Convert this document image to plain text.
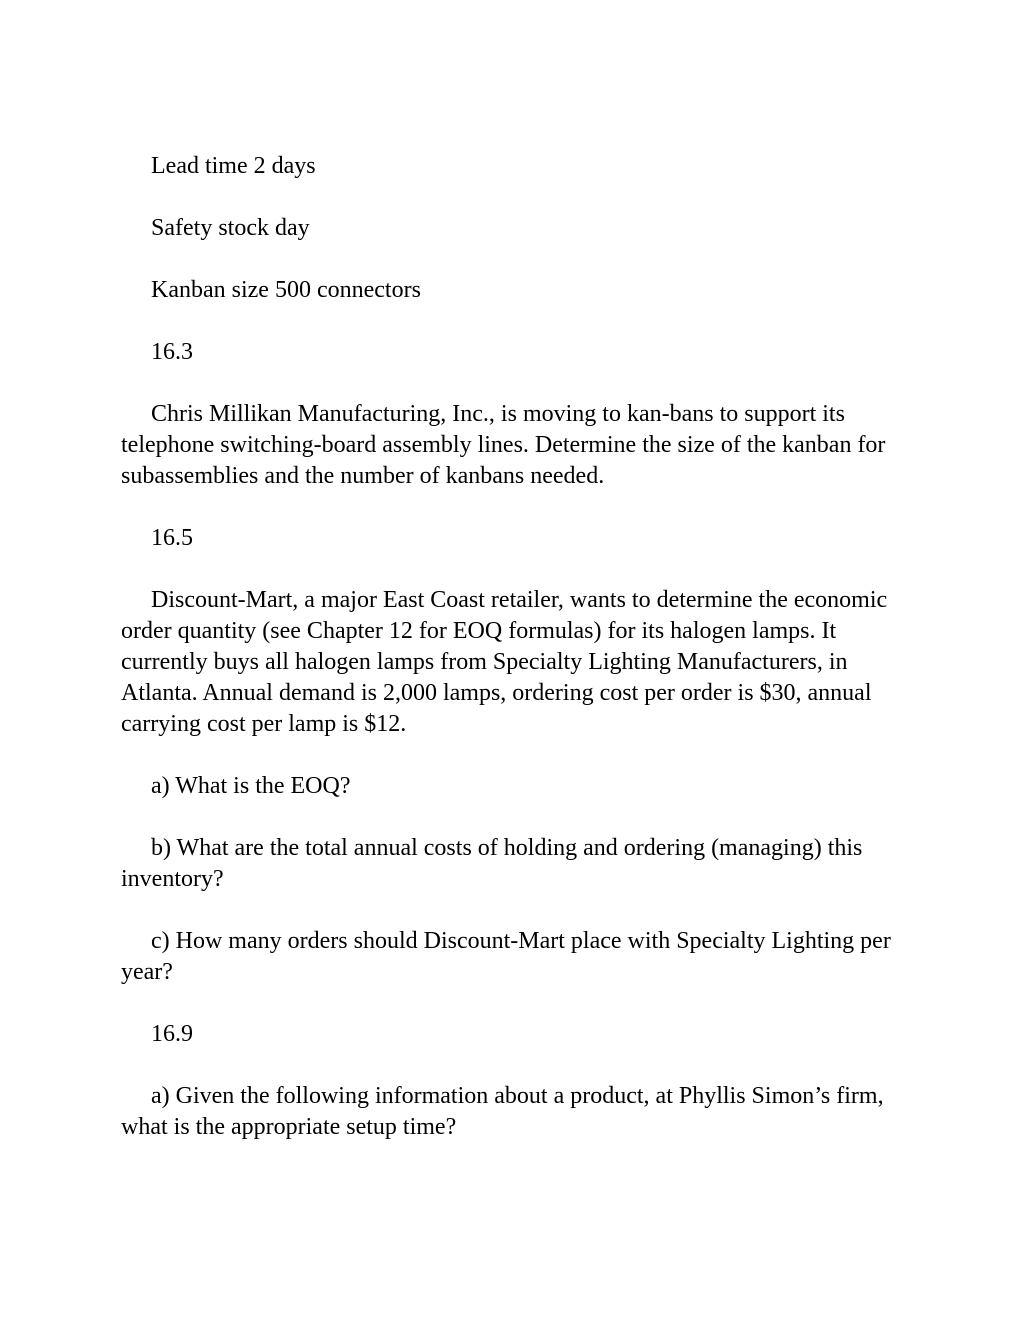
Lead time 2 days

Safety stock day

Kanban size 500 connectors

16.3

Chris Millikan Manufacturing, Inc., is moving to kan-bans to support its telephone switching-board assembly lines. Determine the size of the kanban for subassemblies and the number of kanbans needed.

16.5

Discount-Mart, a major East Coast retailer, wants to determine the economic order quantity (see Chapter 12 for EOQ formulas) for its halogen lamps. It currently buys all halogen lamps from Specialty Lighting Manufacturers, in Atlanta. Annual demand is 2,000 lamps, ordering cost per order is $30, annual carrying cost per lamp is $12.

a) What is the EOQ?

b) What are the total annual costs of holding and ordering (managing) this inventory?

c) How many orders should Discount-Mart place with Specialty Lighting per year?

16.9

a) Given the following information about a product, at Phyllis Simon’s firm, what is the appropriate setup time?
